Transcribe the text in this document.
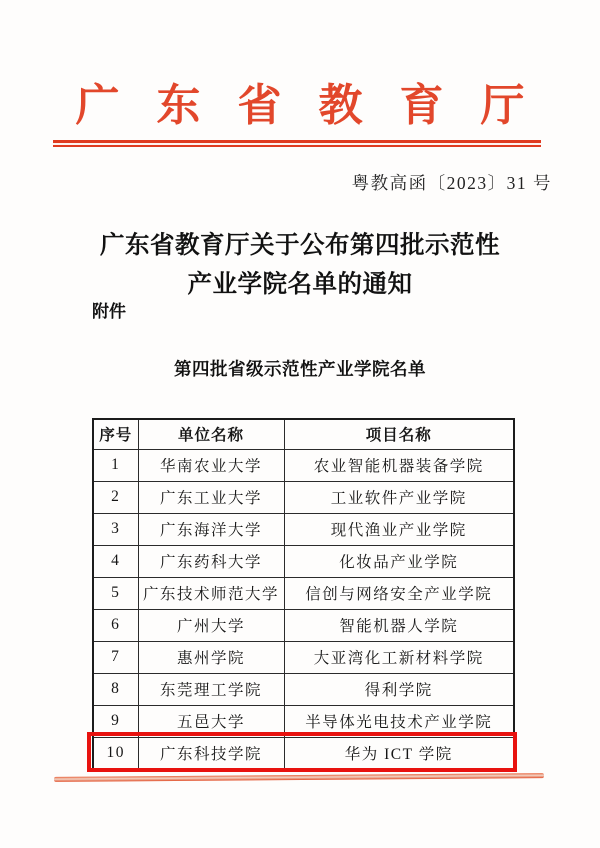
广东省教育厅
粤教高函〔2023〕31 号
广东省教育厅关于公布第四批示范性
产业学院名单的通知
附件
第四批省级示范性产业学院名单
序号	单位名称	项目名称
1	华南农业大学	农业智能机器装备学院
2	广东工业大学	工业软件产业学院
3	广东海洋大学	现代渔业产业学院
4	广东药科大学	化妆品产业学院
5	广东技术师范大学	信创与网络安全产业学院
6	广州大学	智能机器人学院
7	惠州学院	大亚湾化工新材料学院
8	东莞理工学院	得利学院
9	五邑大学	半导体光电技术产业学院
10	广东科技学院	华为 ICT 学院
